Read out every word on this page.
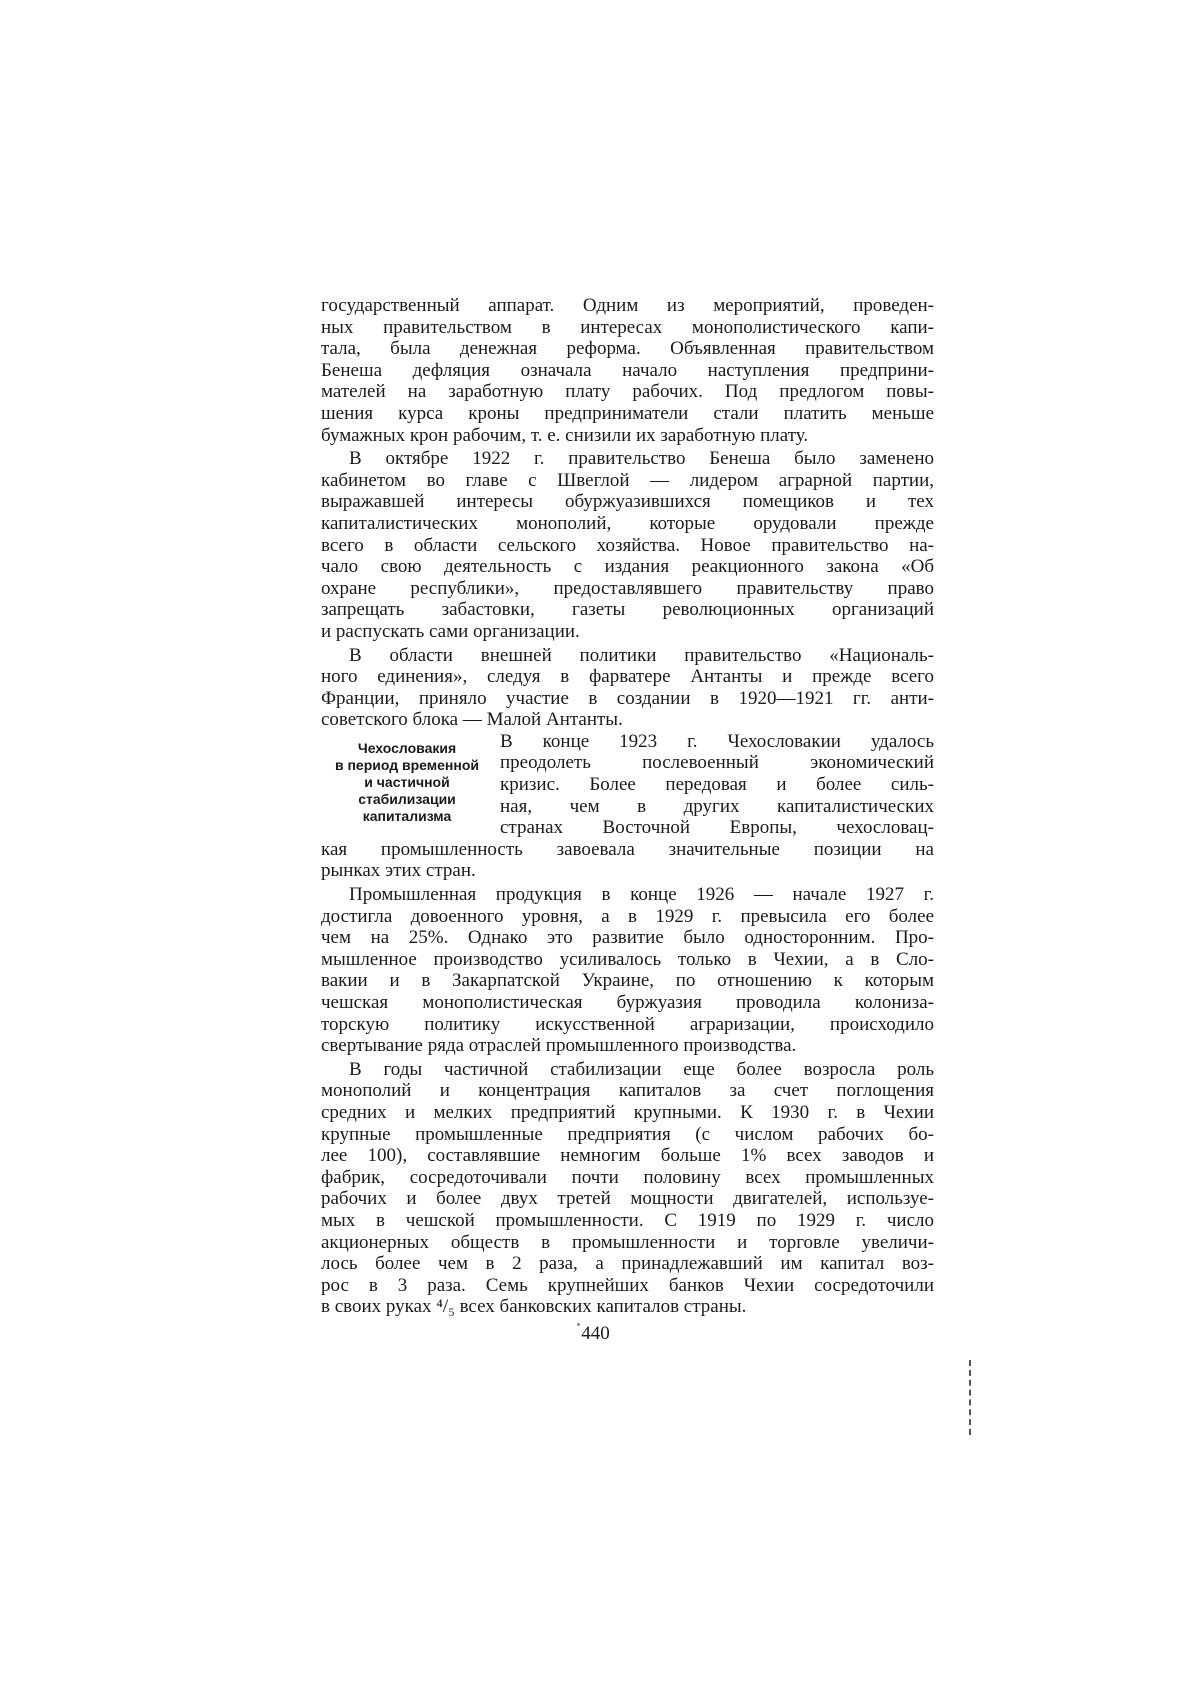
государственный аппарат. Одним из мероприятий, проведен-
ных правительством в интересах монополистического капи-
тала, была денежная реформа. Объявленная правительством
Бенеша дефляция означала начало наступления предприни-
мателей на заработную плату рабочих. Под предлогом повы-
шения курса кроны предприниматели стали платить меньше
бумажных крон рабочим, т. е. снизили их заработную плату.
В октябре 1922 г. правительство Бенеша было заменено
кабинетом во главе с Швеглой — лидером аграрной партии,
выражавшей интересы обуржуазившихся помещиков и тех
капиталистических монополий, которые орудовали прежде
всего в области сельского хозяйства. Новое правительство на-
чало свою деятельность с издания реакционного закона «Об
охране республики», предоставлявшего правительству право
запрещать забастовки, газеты революционных организаций
и распускать сами организации.
В области внешней политики правительство «Националь-
ного единения», следуя в фарватере Антанты и прежде всего
Франции, приняло участие в создании в 1920—1921 гг. анти-
советского блока — Малой Антанты.
Чехословакия
в период временной
и частичной
стабилизации
капитализма
В конце 1923 г. Чехословакии удалось
преодолеть послевоенный экономический
кризис. Более передовая и более силь-
ная, чем в других капиталистических
странах Восточной Европы, чехословац-
кая промышленность завоевала значительные позиции на
рынках этих стран.
Промышленная продукция в конце 1926 — начале 1927 г.
достигла довоенного уровня, а в 1929 г. превысила его более
чем на 25%. Однако это развитие было односторонним. Про-
мышленное производство усиливалось только в Чехии, а в Сло-
вакии и в Закарпатской Украине, по отношению к которым
чешская монополистическая буржуазия проводила колониза-
торскую политику искусственной аграризации, происходило
свертывание ряда отраслей промышленного производства.
В годы частичной стабилизации еще более возросла роль
монополий и концентрация капиталов за счет поглощения
средних и мелких предприятий крупными. К 1930 г. в Чехии
крупные промышленные предприятия (с числом рабочих бо-
лее 100), составлявшие немногим больше 1% всех заводов и
фабрик, сосредоточивали почти половину всех промышленных
рабочих и более двух третей мощности двигателей, используе-
мых в чешской промышленности. С 1919 по 1929 г. число
акционерных обществ в промышленности и торговле увеличи-
лось более чем в 2 раза, а принадлежавший им капитал воз-
рос в 3 раза. Семь крупнейших банков Чехии сосредоточили
в своих руках ⁴/₅ всех банковских капиталов страны.
440
